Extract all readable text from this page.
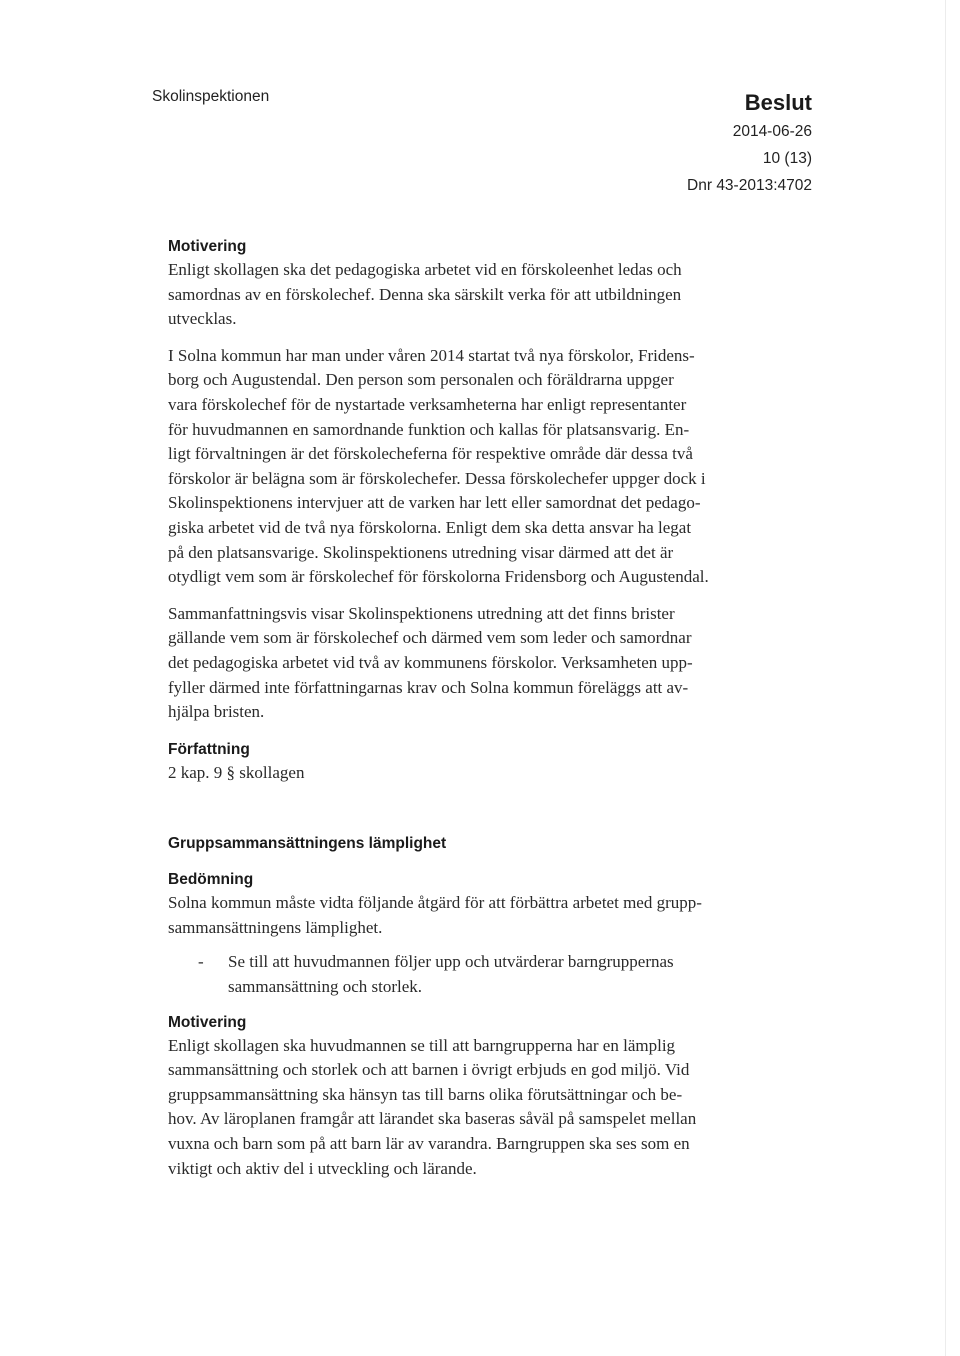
Skolinspektionen	Beslut
2014-06-26
10 (13)
Dnr 43-2013:4702
Motivering
Enligt skollagen ska det pedagogiska arbetet vid en förskoleenhet ledas och
samordnas av en förskolechef. Denna ska särskilt verka för att utbildningen
utvecklas.
I Solna kommun har man under våren 2014 startat två nya förskolor, Fridens-
borg och Augustendal. Den person som personalen och föräldrarna uppger
vara förskolechef för de nystartade verksamheterna har enligt representanter
för huvudmannen en samordnande funktion och kallas för platsansvarig. En-
ligt förvaltningen är det förskolecheferna för respektive område där dessa två
förskolor är belägna som är förskolechefer. Dessa förskolechefer uppger dock i
Skolinspektionens intervjuer att de varken har lett eller samordnat det pedago-
giska arbetet vid de två nya förskolorna. Enligt dem ska detta ansvar ha legat
på den platsansvarige. Skolinspektionens utredning visar därmed att det är
otydligt vem som är förskolechef för förskolorna Fridensborg och Augustendal.
Sammanfattningsvis visar Skolinspektionens utredning att det finns brister
gällande vem som är förskolechef och därmed vem som leder och samordnar
det pedagogiska arbetet vid två av kommunens förskolor. Verksamheten upp-
fyller därmed inte författningarnas krav och Solna kommun föreläggs att av-
hjälpa bristen.
Författning
2 kap. 9 § skollagen
Gruppsammansättningens lämplighet
Bedömning
Solna kommun måste vidta följande åtgärd för att förbättra arbetet med grupp-
sammansättningens lämplighet.
-	Se till att huvudmannen följer upp och utvärderar barngruppernas
sammansättning och storlek.
Motivering
Enligt skollagen ska huvudmannen se till att barngrupperna har en lämplig
sammansättning och storlek och att barnen i övrigt erbjuds en god miljö. Vid
gruppsammansättning ska hänsyn tas till barns olika förutsättningar och be-
hov. Av läroplanen framgår att lärandet ska baseras såväl på samspelet mellan
vuxna och barn som på att barn lär av varandra. Barngruppen ska ses som en
viktigt och aktiv del i utveckling och lärande.
